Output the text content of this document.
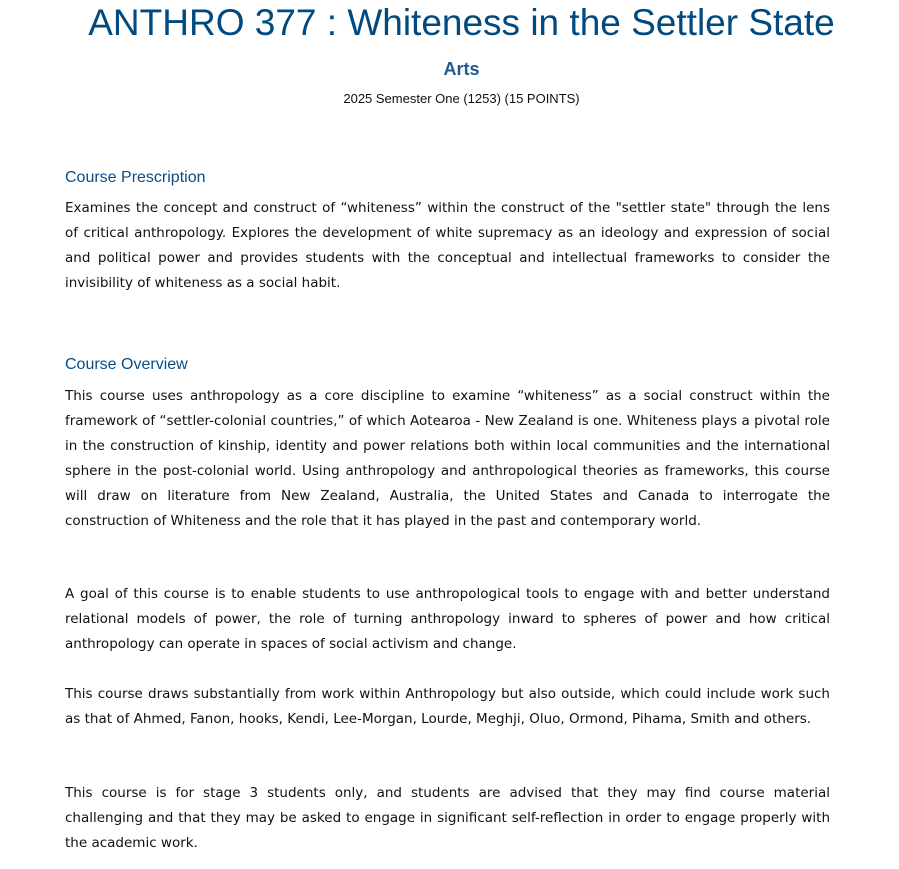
ANTHRO 377 : Whiteness in the Settler State
Arts
2025 Semester One (1253) (15 POINTS)
Course Prescription

Examines the concept and construct of “whiteness” within the construct of the "settler state" through the lens of critical anthropology. Explores the development of white supremacy as an ideology and expression of social and political power and provides students with the conceptual and intellectual frameworks to consider the invisibility of whiteness as a social habit.

Course Overview

This course uses anthropology as a core discipline to examine “whiteness” as a social construct within the framework of “settler-colonial countries,” of which Aotearoa - New Zealand is one. Whiteness plays a pivotal role in the construction of kinship, identity and power relations both within local communities and the international sphere in the post-colonial world. Using anthropology and anthropological theories as frameworks, this course will draw on literature from New Zealand, Australia, the United States and Canada to interrogate the construction of Whiteness and the role that it has played in the past and contemporary world.

A goal of this course is to enable students to use anthropological tools to engage with and better understand relational models of power, the role of turning anthropology inward to spheres of power and how critical anthropology can operate in spaces of social activism and change.

This course draws substantially from work within Anthropology but also outside, which could include work such as that of Ahmed, Fanon, hooks, Kendi, Lee-Morgan, Lourde, Meghji, Oluo, Ormond, Pihama, Smith and others.

This course is for stage 3 students only, and students are advised that they may find course material challenging and that they may be asked to engage in significant self-reflection in order to engage properly with the academic work.
